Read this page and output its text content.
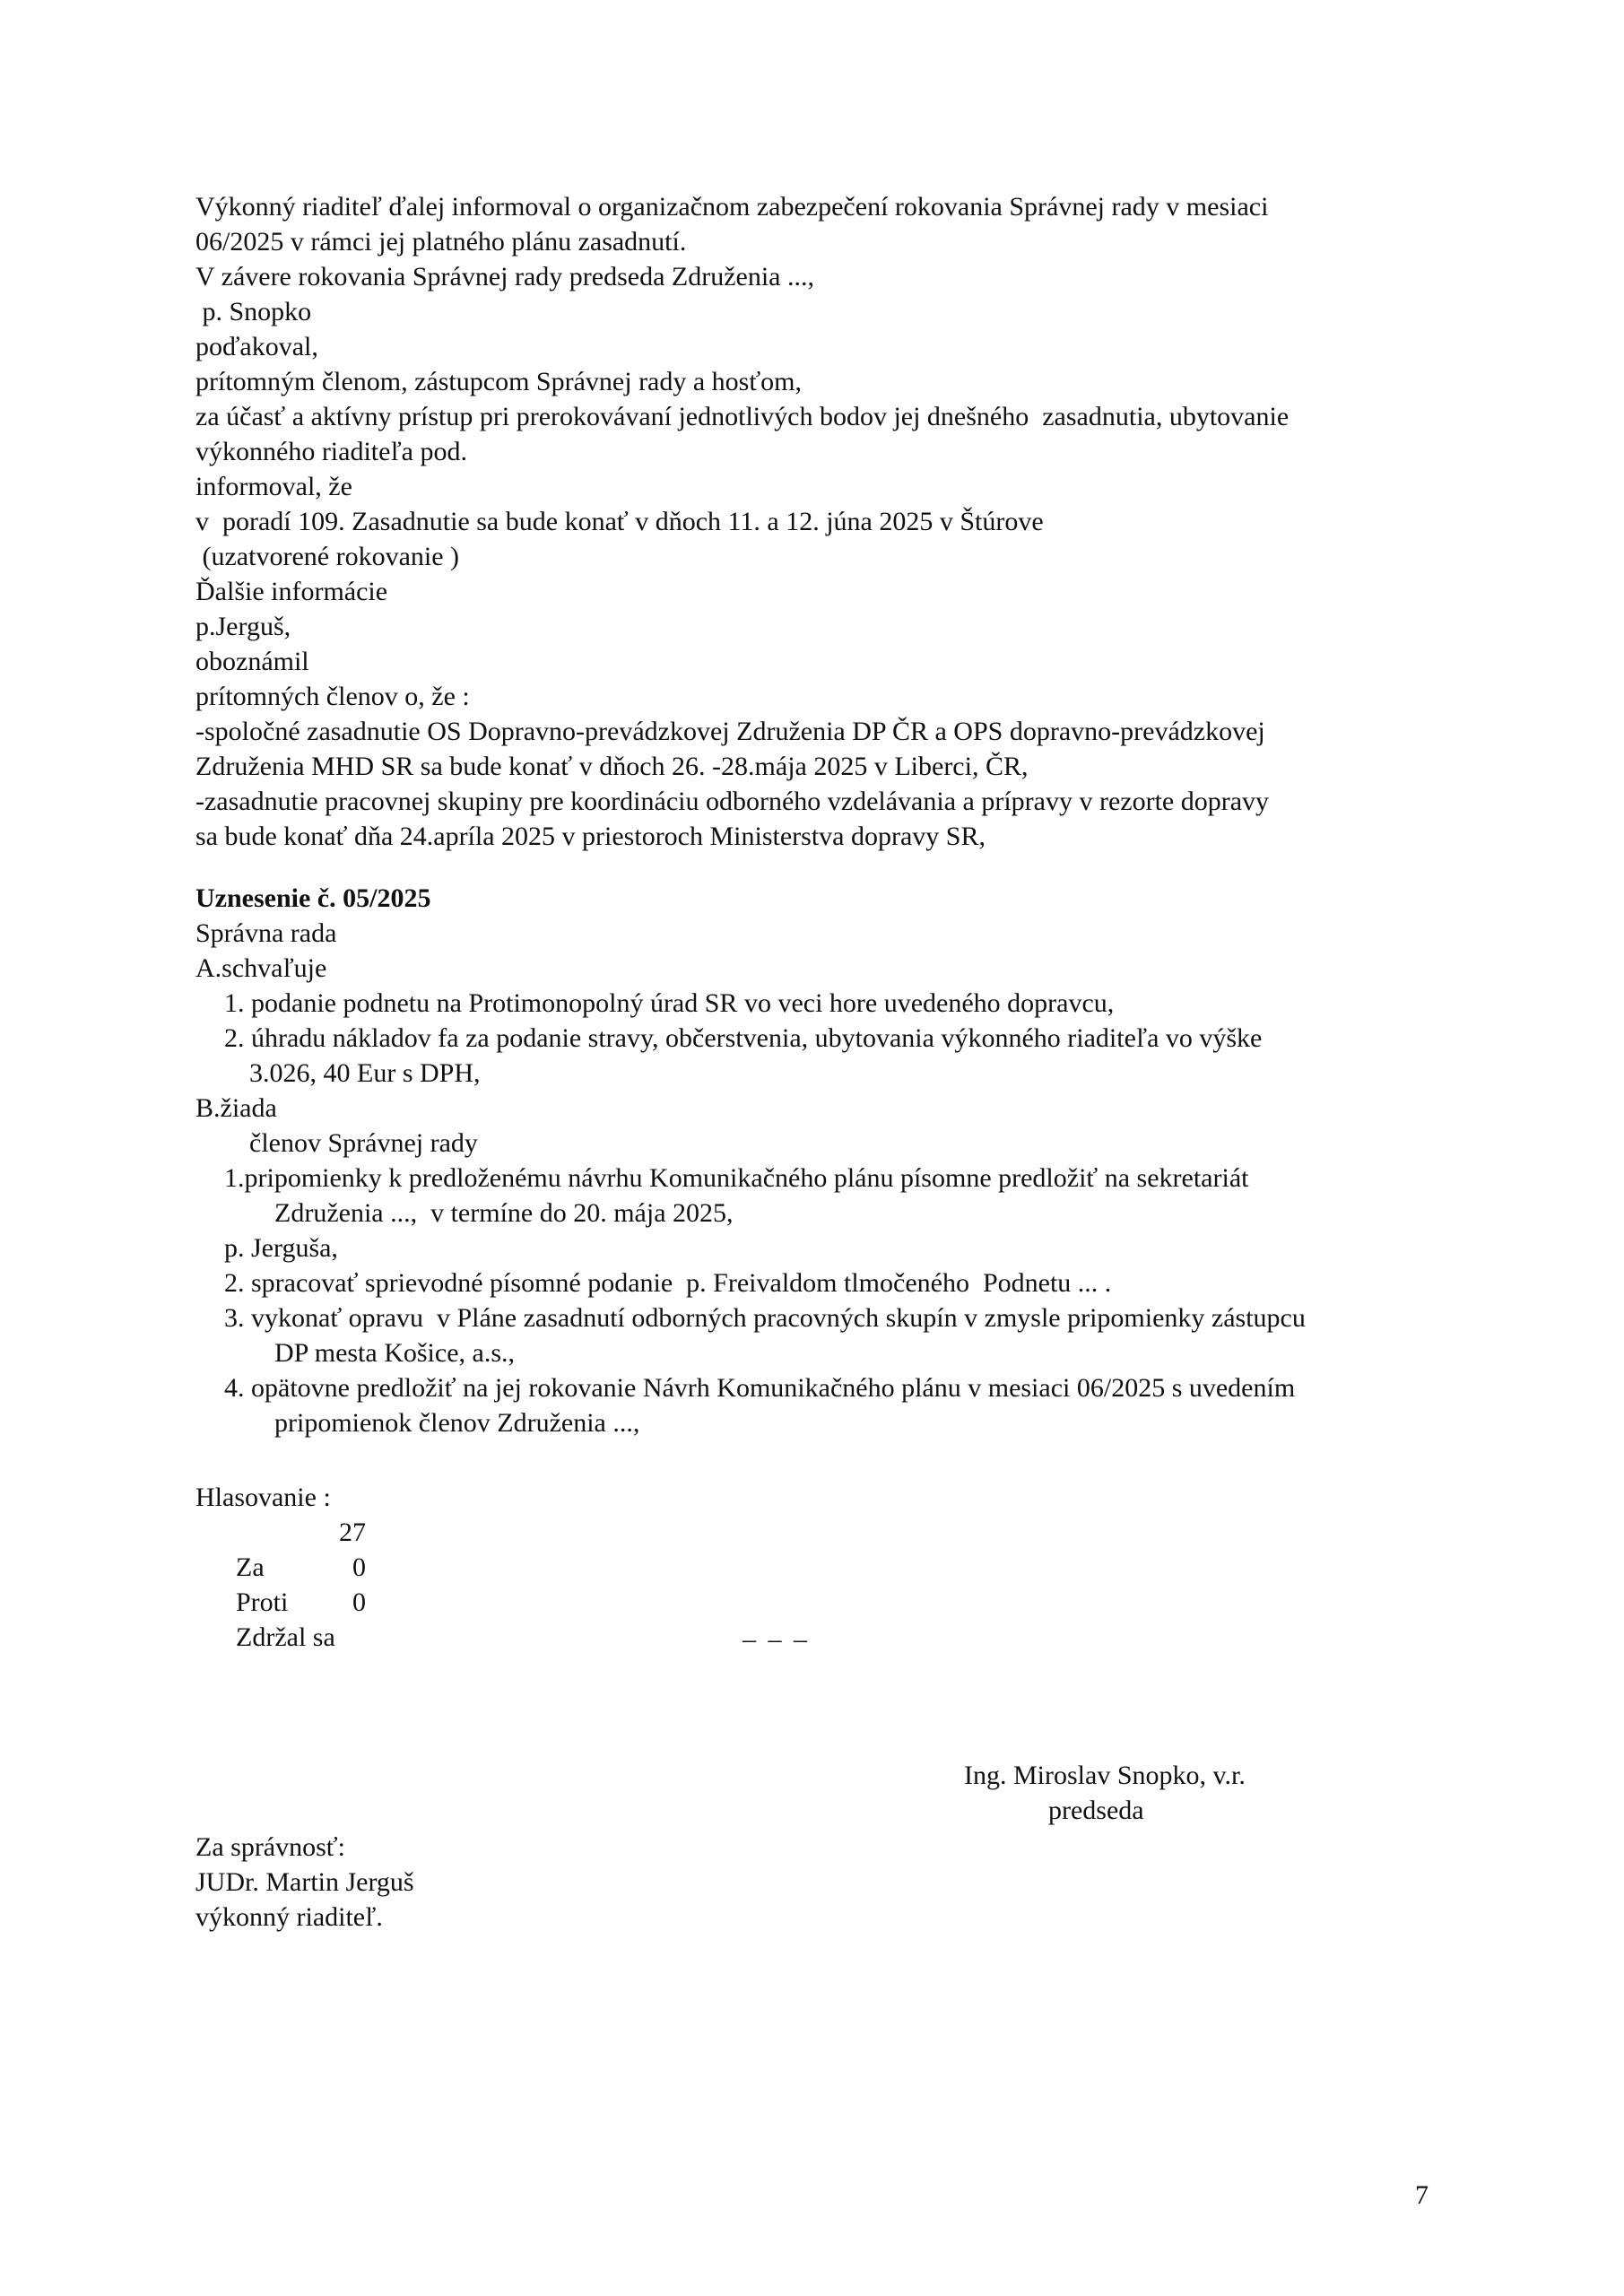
Výkonný riaditeľ ďalej informoval o organizačnom zabezpečení rokovania Správnej rady v mesiaci
06/2025 v rámci jej platného plánu zasadnutí.
V závere rokovania Správnej rady predseda Združenia ...,
p. Snopko
poďakoval,
prítomným členom, zástupcom Správnej rady a hosťom,
za účasť a aktívny prístup pri prerokovávaní jednotlivých bodov jej dnešného  zasadnutia, ubytovanie
výkonného riaditeľa pod.
informoval, že
v  poradí 109. Zasadnutie sa bude konať v dňoch 11. a 12. júna 2025 v Štúrove
(uzatvorené rokovanie )
Ďalšie informácie
p.Jerguš,
oboznámil
prítomných členov o, že :
-spoločné zasadnutie OS Dopravno-prevádzkovej Združenia DP ČR a OPS dopravno-prevádzkovej
Združenia MHD SR sa bude konať v dňoch 26. -28.mája 2025 v Liberci, ČR,
-zasadnutie pracovnej skupiny pre koordináciu odborného vzdelávania a prípravy v rezorte dopravy
sa bude konať dňa 24.apríla 2025 v priestoroch Ministerstva dopravy SR,
Uznesenie č. 05/2025
Správna rada
A.schvaľuje
1. podanie podnetu na Protimonopolný úrad SR vo veci hore uvedeného dopravcu,
2. úhradu nákladov fa za podanie stravy, občerstvenia, ubytovania výkonného riaditeľa vo výške
3.026, 40 Eur s DPH,
B.žiada
členov Správnej rady
1.pripomienky k predloženému návrhu Komunikačného plánu písomne predložiť na sekretariát
Združenia ...,  v termíne do 20. mája 2025,
p. Jerguša,
2. spracovať sprievodné písomné podanie  p. Freivaldom tlmočeného  Podnetu ... .
3. vykonať opravu  v Pláne zasadnutí odborných pracovných skupín v zmysle pripomienky zástupcu
DP mesta Košice, a.s.,
4. opätovne predložiť na jej rokovanie Návrh Komunikačného plánu v mesiaci 06/2025 s uvedením
pripomienok členov Združenia ...,
Hlasovanie :

Za

27

Proti

0

Zdržal sa

0

– – –
Ing. Miroslav Snopko, v.r.
predseda
Za správnosť:
JUDr. Martin Jerguš
výkonný riaditeľ.
7
